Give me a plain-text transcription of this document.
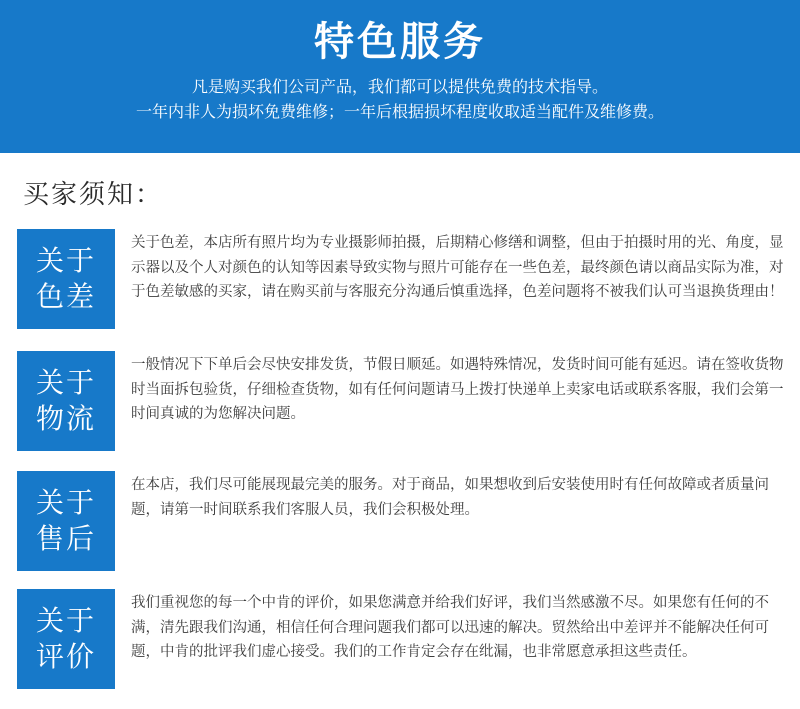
特色服务
凡是购买我们公司产品，我们都可以提供免费的技术指导。
一年内非人为损坏免费维修；一年后根据损坏程度收取适当配件及维修费。
买家须知：
关于
色差
关于色差，本店所有照片均为专业摄影师拍摄，后期精心修缮和调整，但由于拍摄时用的光、角度，显示器以及个人对颜色的认知等因素导致实物与照片可能存在一些色差，最终颜色请以商品实际为准，对于色差敏感的买家，请在购买前与客服充分沟通后慎重选择，色差问题将不被我们认可当退换货理由！
关于
物流
一般情况下下单后会尽快安排发货，节假日顺延。如遇特殊情况，发货时间可能有延迟。请在签收货物时当面拆包验货，仔细检查货物，如有任何问题请马上拨打快递单上卖家电话或联系客服，我们会第一时间真诚的为您解决问题。
关于
售后
在本店，我们尽可能展现最完美的服务。对于商品，如果想收到后安装使用时有任何故障或者质量问题，请第一时间联系我们客服人员，我们会积极处理。
关于
评价
我们重视您的每一个中肯的评价，如果您满意并给我们好评，我们当然感激不尽。如果您有任何的不满，清先跟我们沟通，相信任何合理问题我们都可以迅速的解决。贸然给出中差评并不能解决任何可题，中肯的批评我们虚心接受。我们的工作肯定会存在纰漏，也非常愿意承担这些责任。
